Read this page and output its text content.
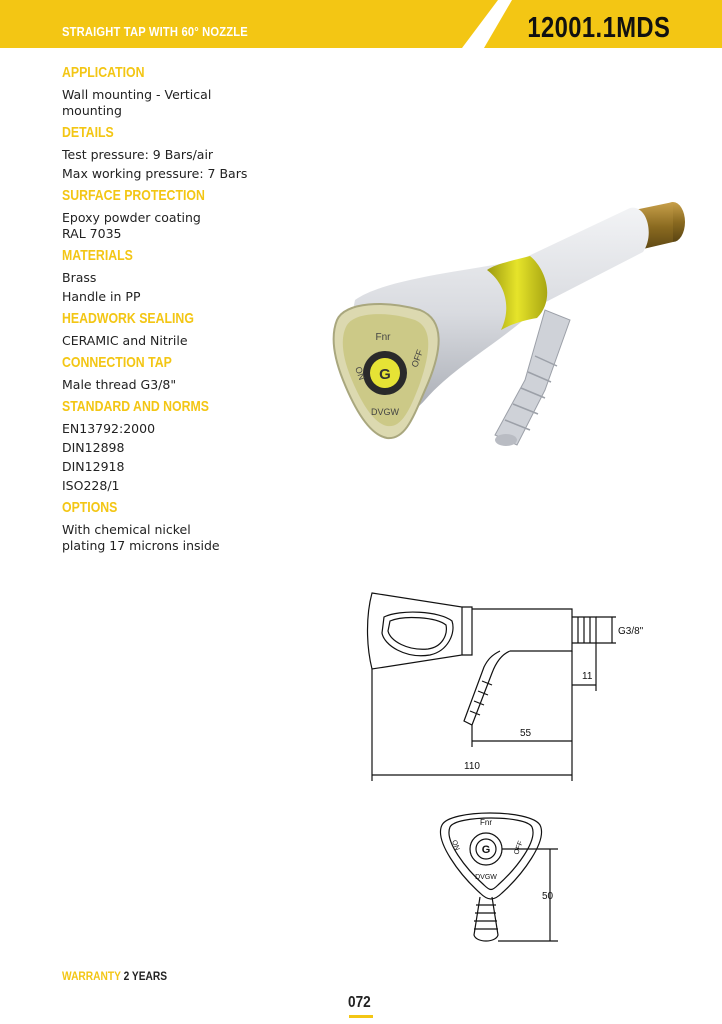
STRAIGHT TAP WITH 60° NOZZLE	12001.1MDS
APPLICATION
Wall mounting - Vertical mounting
DETAILS
Test pressure: 9 Bars/air
Max working pressure: 7 Bars
SURFACE PROTECTION
Epoxy powder coating RAL 7035
MATERIALS
Brass
Handle in PP
HEADWORK SEALING
CERAMIC and Nitrile
CONNECTION TAP
Male thread G3/8"
STANDARD AND NORMS
EN13792:2000
DIN12898
DIN12918
ISO228/1
OPTIONS
With chemical nickel plating 17 microns inside
G
Fnr
ON
OFF
DVGW
G3/8"
11
55
110
G
Fnr
ON	OFF
DVGW
50
WARRANTY 2 YEARS
072
